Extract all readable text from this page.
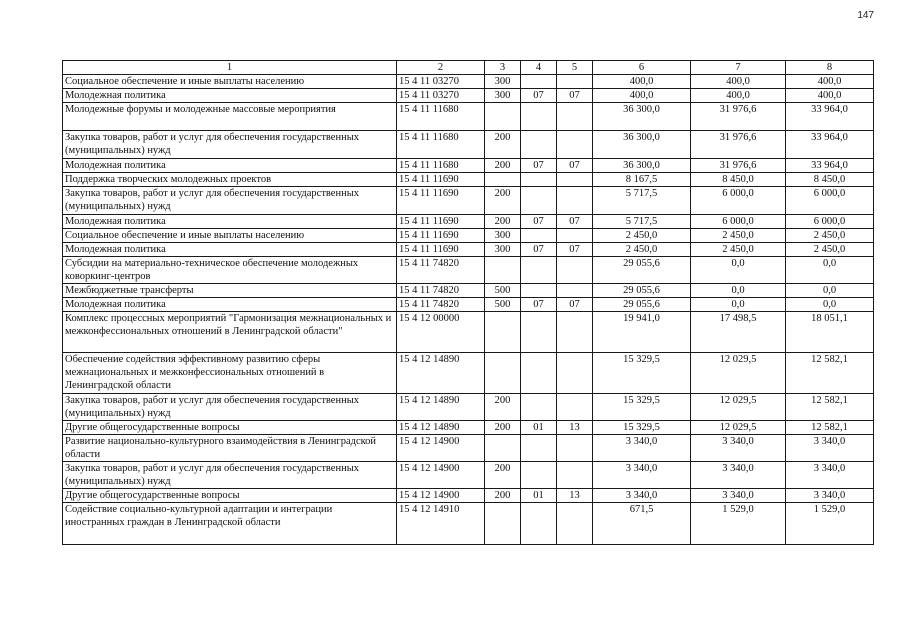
147
1	2	3	4	5	6	7	8
Социальное обеспечение и иные выплаты населению	15 4 11 03270	300			400,0	400,0	400,0
Молодежная политика	15 4 11 03270	300	07	07	400,0	400,0	400,0
Молодежные форумы и молодежные массовые мероприятия	15 4 11 11680				36 300,0	31 976,6	33 964,0
Закупка товаров, работ и услуг для обеспечения государственных (муниципальных) нужд	15 4 11 11680	200			36 300,0	31 976,6	33 964,0
Молодежная политика	15 4 11 11680	200	07	07	36 300,0	31 976,6	33 964,0
Поддержка творческих молодежных проектов	15 4 11 11690				8 167,5	8 450,0	8 450,0
Закупка товаров, работ и услуг для обеспечения государственных (муниципальных) нужд	15 4 11 11690	200			5 717,5	6 000,0	6 000,0
Молодежная политика	15 4 11 11690	200	07	07	5 717,5	6 000,0	6 000,0
Социальное обеспечение и иные выплаты населению	15 4 11 11690	300			2 450,0	2 450,0	2 450,0
Молодежная политика	15 4 11 11690	300	07	07	2 450,0	2 450,0	2 450,0
Субсидии на материально-техническое обеспечение молодежных коворкинг-центров	15 4 11 74820				29 055,6	0,0	0,0
Межбюджетные трансферты	15 4 11 74820	500			29 055,6	0,0	0,0
Молодежная политика	15 4 11 74820	500	07	07	29 055,6	0,0	0,0
Комплекс процессных мероприятий "Гармонизация межнациональных и межконфессиональных отношений в Ленинградской области"	15 4 12 00000				19 941,0	17 498,5	18 051,1
Обеспечение содействия эффективному развитию сферы межнациональных и межконфессиональных отношений в Ленинградской области	15 4 12 14890				15 329,5	12 029,5	12 582,1
Закупка товаров, работ и услуг для обеспечения государственных (муниципальных) нужд	15 4 12 14890	200			15 329,5	12 029,5	12 582,1
Другие общегосударственные вопросы	15 4 12 14890	200	01	13	15 329,5	12 029,5	12 582,1
Развитие национально-культурного взаимодействия в Ленинградской области	15 4 12 14900				3 340,0	3 340,0	3 340,0
Закупка товаров, работ и услуг для обеспечения государственных (муниципальных) нужд	15 4 12 14900	200			3 340,0	3 340,0	3 340,0
Другие общегосударственные вопросы	15 4 12 14900	200	01	13	3 340,0	3 340,0	3 340,0
Содействие социально-культурной адаптации и интеграции иностранных граждан в Ленинградской области	15 4 12 14910				671,5	1 529,0	1 529,0
